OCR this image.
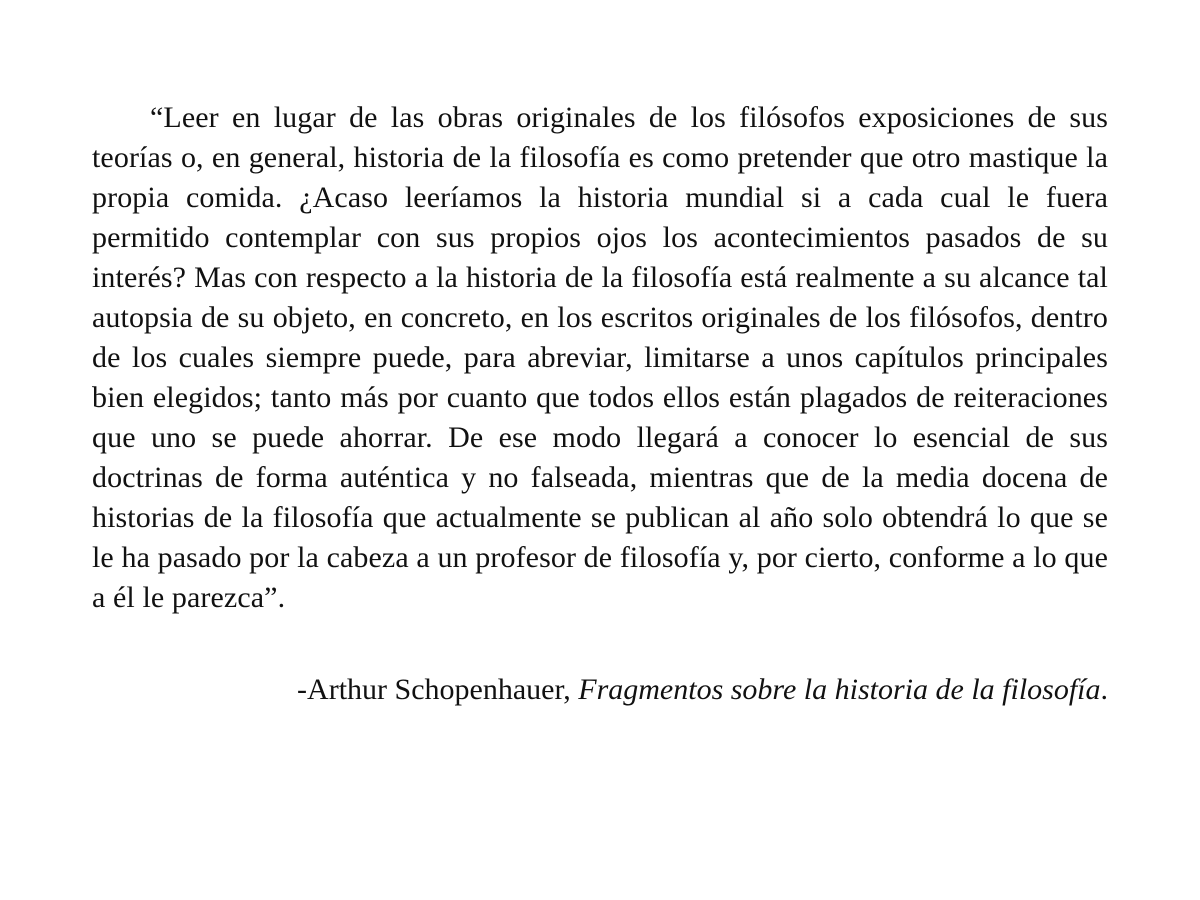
“Leer en lugar de las obras originales de los filósofos exposiciones de sus teorías o, en general, historia de la filosofía es como pretender que otro mastique la propia comida. ¿Acaso leeríamos la historia mundial si a cada cual le fuera permitido contemplar con sus propios ojos los acontecimientos pasados de su interés? Mas con respecto a la historia de la filosofía está realmente a su alcance tal autopsia de su objeto, en concreto, en los escritos originales de los filósofos, dentro de los cuales siempre puede, para abreviar, limitarse a unos capítulos principales bien elegidos; tanto más por cuanto que todos ellos están plagados de reiteraciones que uno se puede ahorrar. De ese modo llegará a conocer lo esencial de sus doctrinas de forma auténtica y no falseada, mientras que de la media docena de historias de la filosofía que actualmente se publican al año solo obtendrá lo que se le ha pasado por la cabeza a un profesor de filosofía y, por cierto, conforme a lo que a él le parezca”.

-Arthur Schopenhauer, Fragmentos sobre la historia de la filosofía.
